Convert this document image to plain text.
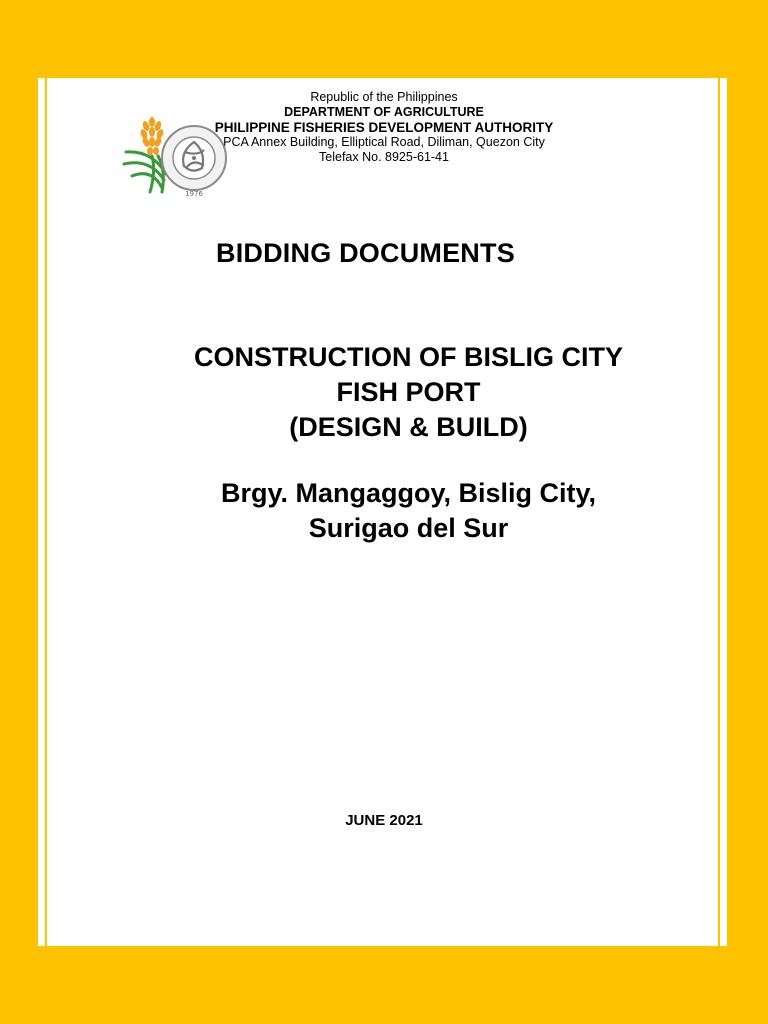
Republic of the Philippines
DEPARTMENT OF AGRICULTURE
PHILIPPINE FISHERIES DEVELOPMENT AUTHORITY
PCA Annex Building, Elliptical Road, Diliman, Quezon City
Telefax No. 8925-61-41
1976
BIDDING DOCUMENTS
CONSTRUCTION OF BISLIG CITY
FISH PORT
(DESIGN & BUILD)
Brgy. Mangaggoy, Bislig City,
Surigao del Sur
JUNE 2021
